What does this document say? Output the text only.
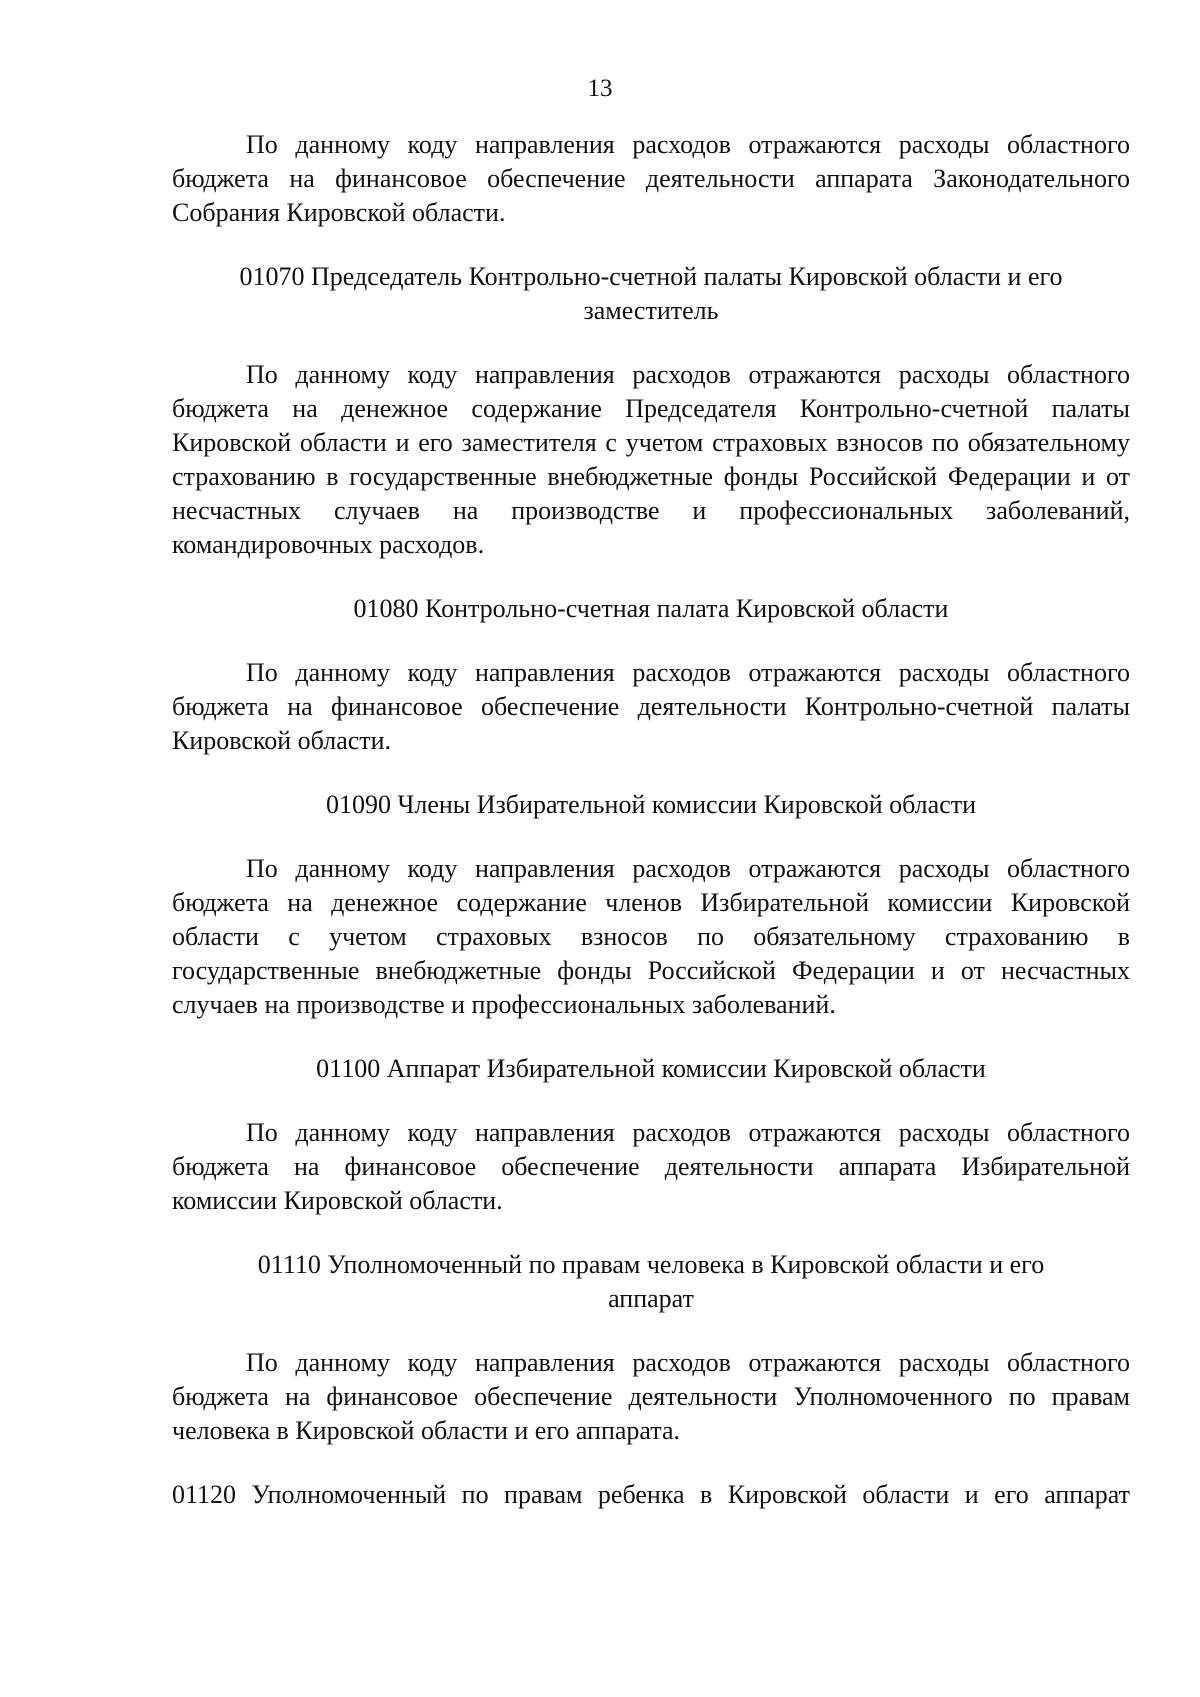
13

По данному коду направления расходов отражаются расходы областного бюджета на финансовое обеспечение деятельности аппарата Законодательного Собрания Кировской области.

01070 Председатель Контрольно-счетной палаты Кировской области и его заместитель

По данному коду направления расходов отражаются расходы областного бюджета на денежное содержание Председателя Контрольно-счетной палаты Кировской области и его заместителя с учетом страховых взносов по обязательному страхованию в государственные внебюджетные фонды Российской Федерации и от несчастных случаев на производстве и профессиональных заболеваний, командировочных расходов.

01080 Контрольно-счетная палата Кировской области

По данному коду направления расходов отражаются расходы областного бюджета на финансовое обеспечение деятельности Контрольно-счетной палаты Кировской области.

01090 Члены Избирательной комиссии Кировской области

По данному коду направления расходов отражаются расходы областного бюджета на денежное содержание членов Избирательной комиссии Кировской области с учетом страховых взносов по обязательному страхованию в государственные внебюджетные фонды Российской Федерации и от несчастных случаев на производстве и профессиональных заболеваний.

01100 Аппарат Избирательной комиссии Кировской области

По данному коду направления расходов отражаются расходы областного бюджета на финансовое обеспечение деятельности аппарата Избирательной комиссии Кировской области.

01110 Уполномоченный по правам человека в Кировской области и его аппарат

По данному коду направления расходов отражаются расходы областного бюджета на финансовое обеспечение деятельности Уполномоченного по правам человека в Кировской области и его аппарата.

01120 Уполномоченный по правам ребенка в Кировской области и его аппарат
